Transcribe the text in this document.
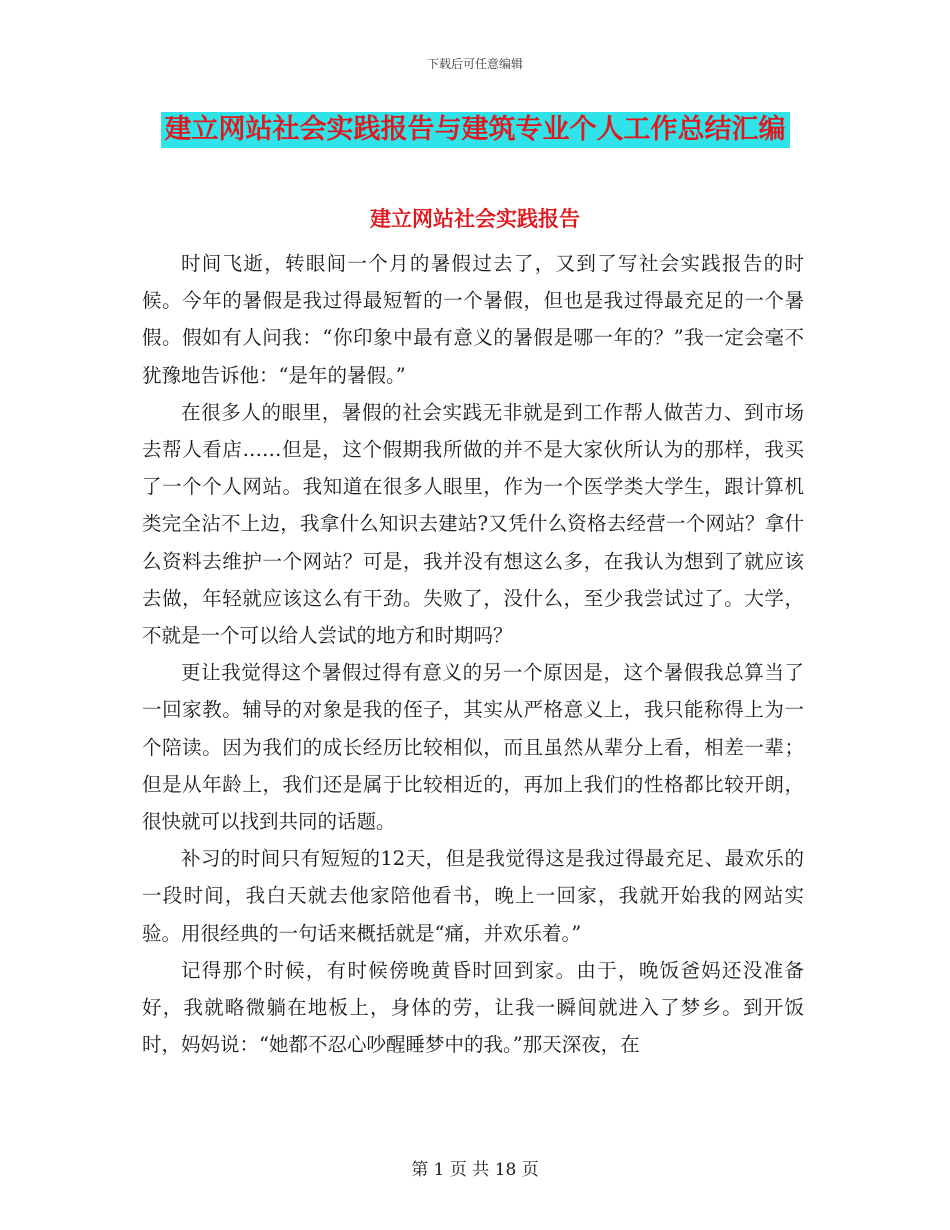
下载后可任意编辑
建立网站社会实践报告与建筑专业个人工作总结汇编
建立网站社会实践报告

时间飞逝，转眼间一个月的暑假过去了，又到了写社会实践报告的时候。今年的暑假是我过得最短暂的一个暑假，但也是我过得最充足的一个暑假。假如有人问我：“你印象中最有意义的暑假是哪一年的？”我一定会毫不犹豫地告诉他：“是年的暑假。”

在很多人的眼里，暑假的社会实践无非就是到工作帮人做苦力、到市场去帮人看店……但是，这个假期我所做的并不是大家伙所认为的那样，我买了一个个人网站。我知道在很多人眼里，作为一个医学类大学生，跟计算机类完全沾不上边，我拿什么知识去建站?又凭什么资格去经营一个网站？拿什么资料去维护一个网站？可是，我并没有想这么多，在我认为想到了就应该去做，年轻就应该这么有干劲。失败了，没什么，至少我尝试过了。大学，不就是一个可以给人尝试的地方和时期吗？

更让我觉得这个暑假过得有意义的另一个原因是，这个暑假我总算当了一回家教。辅导的对象是我的侄子，其实从严格意义上，我只能称得上为一个陪读。因为我们的成长经历比较相似，而且虽然从辈分上看，相差一辈；但是从年龄上，我们还是属于比较相近的，再加上我们的性格都比较开朗，很快就可以找到共同的话题。

补习的时间只有短短的12天，但是我觉得这是我过得最充足、最欢乐的一段时间，我白天就去他家陪他看书，晚上一回家，我就开始我的网站实验。用很经典的一句话来概括就是“痛，并欢乐着。”

记得那个时候，有时候傍晚黄昏时回到家。由于，晚饭爸妈还没准备好，我就略微躺在地板上，身体的劳，让我一瞬间就进入了梦乡。到开饭时，妈妈说：“她都不忍心吵醒睡梦中的我。”那天深夜，在

第 1 页 共 18 页
